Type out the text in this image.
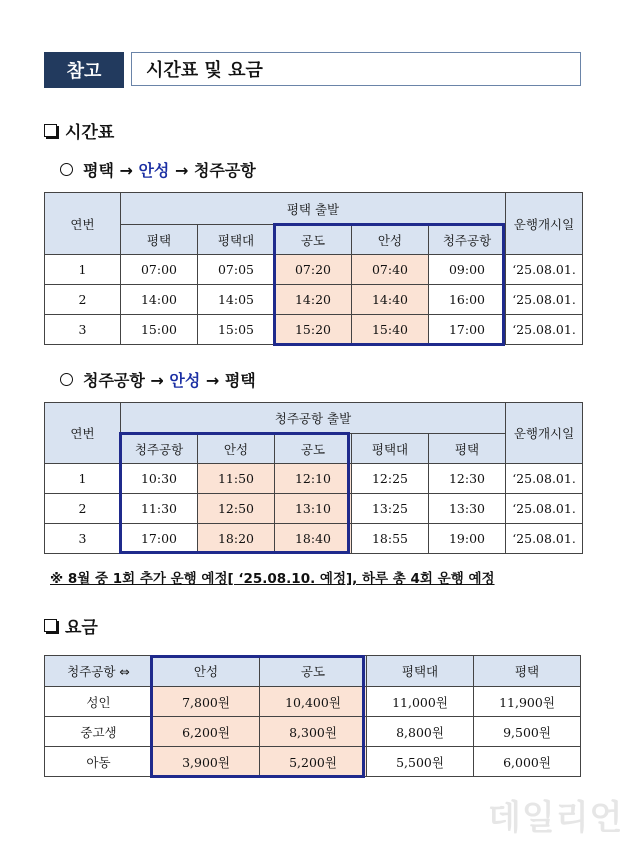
참고	시간표 및 요금
시간표
평택 → 안성 → 청주공항
연번	평택 출발					운행개시일
	평택	평택대	공도	안성	청주공항	
1	07:00	07:05	07:20	07:40	09:00	‘25.08.01.
2	14:00	14:05	14:20	14:40	16:00	‘25.08.01.
3	15:00	15:05	15:20	15:40	17:00	‘25.08.01.
청주공항 → 안성 → 평택
연번	청주공항 출발					운행개시일
	청주공항	안성	공도	평택대	평택	
1	10:30	11:50	12:10	12:25	12:30	‘25.08.01.
2	11:30	12:50	13:10	13:25	13:30	‘25.08.01.
3	17:00	18:20	18:40	18:55	19:00	‘25.08.01.
※ 8월 중 1회 추가 운행 예정[ ‘25.08.10. 예정], 하루 총 4회 운행 예정
요금
청주공항 ⇔	안성	공도	평택대	평택
성인	7,800원	10,400원	11,000원	11,900원
중고생	6,200원	8,300원	8,800원	9,500원
아동	3,900원	5,200원	5,500원	6,000원
데일리언
